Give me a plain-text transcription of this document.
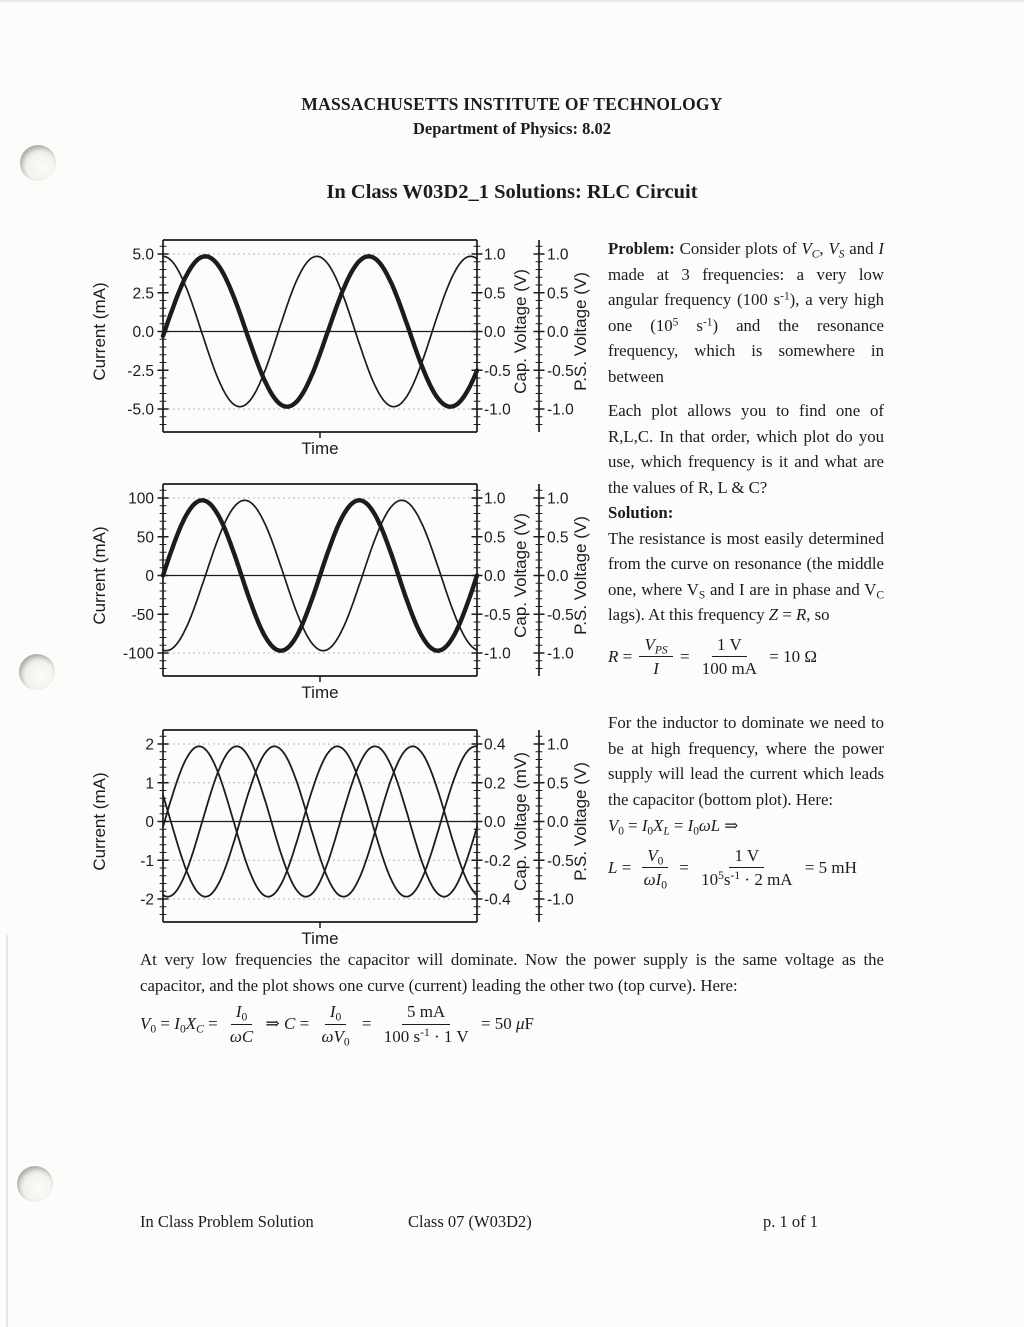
MASSACHUSETTS INSTITUTE OF TECHNOLOGY
Department of Physics: 8.02
In Class W03D2_1 Solutions: RLC Circuit
5.0
2.5
0.0
-2.5
-5.0
1.0
0.5
0.0
-0.5
-1.0
1.0
0.5
0.0
-0.5
-1.0
Current (mA)	Cap. Voltage (V) P.S. Voltage (V)
Time
100
50
0
-50
-100
1.0
0.5
0.0
-0.5
-1.0
1.0
0.5
0.0
-0.5
-1.0
Current (mA)	Cap. Voltage (V) P.S. Voltage (V)
Time
2
1
0
-1
-2
0.4
0.2
0.0
-0.2
-0.4
1.0
0.5
0.0
-0.5
-1.0
Current (mA)	Cap. Voltage (mV) P.S. Voltage (V)
Time
Problem: Consider plots of $V_C$, $V_S$ and I made at 3 frequencies: a very low angular frequency (100 $s^{-1}$), a very high one ($10^5$ $s^{-1}$) and the resonance frequency, which is somewhere in between
Each plot allows you to find one of R,L,C. In that order, which plot do you use, which frequency is it and what are the values of R, L & C?
Solution:
The resistance is most easily determined from the curve on resonance (the middle one, where $V_S$ and I are in phase and $V_C$ lags). At this frequency Z = R, so
$R = \frac{V_{PS}}{I} = \frac{1 V}{100 mA} = 10$ Ω
For the inductor to dominate we need to be at high frequency, where the power supply will lead the current which leads the capacitor (bottom plot). Here:
$V_0 = I_0X_L = I_0\omega L$ ⇒
$L = \frac{V_0}{\omega I_0} = \frac{1 V}{10^5s^{-1} \cdot 2 mA} = 5$ mH
At very low frequencies the capacitor will dominate. Now the power supply is the same voltage as the capacitor, and the plot shows one curve (current) leading the other two (top curve). Here:
$V_0 = I_0X_C = \frac{I_0}{\omega C}$ ⇒ $C = \frac{I_0}{\omega V_0} = \frac{5 mA}{100 s^{-1} \cdot 1 V} = 50$ μF
In Class Problem Solution	Class 07 (W03D2)	p. 1 of 1
